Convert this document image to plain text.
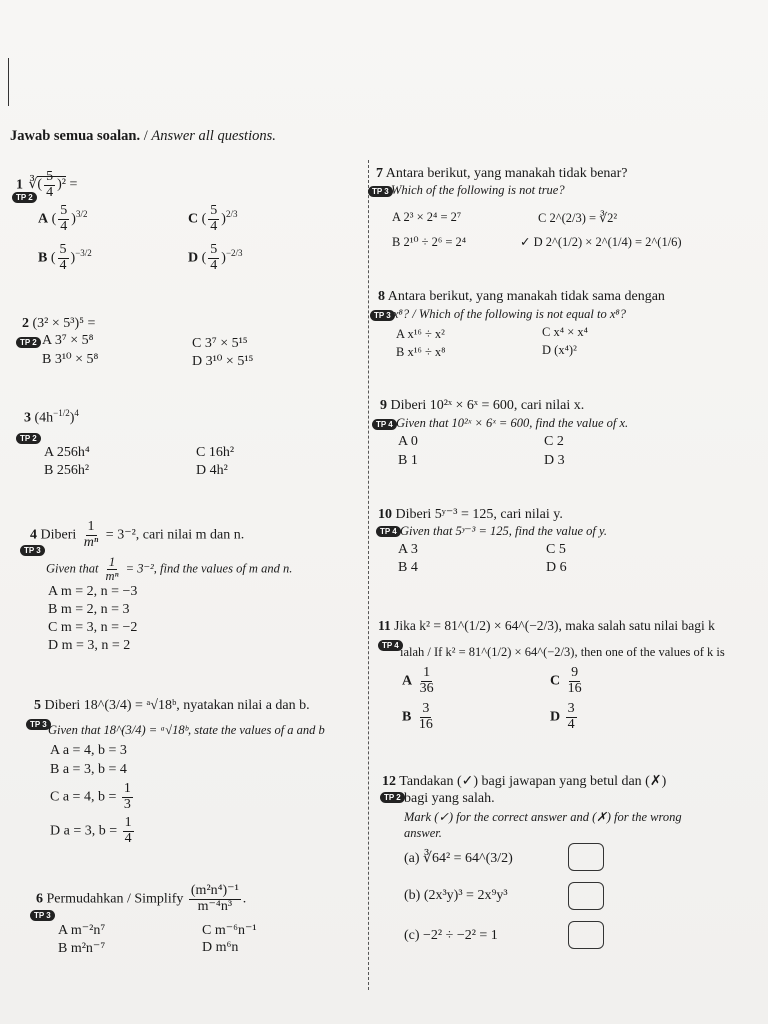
Jawab semua soalan. / Answer all questions.
1 ∛( $\frac{5}{4} )^2$ =
TP 2
A ( $\frac{5}{4} )^{3/2}$	C ( $\frac{5}{4} )^{2/3}$
B ( $\frac{5}{4} )^{-3/2}$	D ( $\frac{5}{4} )^{-2/3}$
2 (3² × 5³)⁵ =
TP 2 A 3⁷ × 5⁸
B 3¹⁰ × 5⁸
C 3⁷ × 5¹⁵
D 3¹⁰ × 5¹⁵
3 $(4h^{-1/2})^4$
TP 2
A 256h⁴
B 256h²
C 16h²
D 4h²
4 Diberi $\frac{1}{\text{mⁿ}} = 3^{-2}$, cari nilai m dan n.
TP 3
Given that $\frac{1}{\text{mⁿ}} = 3^{-2}$, find the values of m and n.
A m = 2, n = −3
B m = 2, n = 3
C m = 3, n = −2
D m = 3, n = 2
5 Diberi 18^(3/4) = ᵃ√18ᵇ, nyatakan nilai a dan b.
TP 3 Given that 18^(3/4) = ᵃ√18ᵇ, state the values of a and b
A a = 4, b = 3
B a = 3, b = 4
C a = 4, $b = \frac{1}{3}$
D a = 3, $b = \frac{1}{4}$
6 Permudahkan / Simplify $\frac{\text{(m²n⁴)⁻¹}}{\text{m⁻⁴n³}}$ .
TP 3
A m⁻²n⁷
B m²n⁻⁷
C m⁻⁶n⁻¹
D m⁶n
7 Antara berikut, yang manakah tidak benar?
TP 3 Which of the following is not true?
A 2³ × 2⁴ = 2⁷
B 2¹⁰ ÷ 2⁶ = 2⁴
C 2^(2/3) = ∛2²
✓ D 2^(1/2) × 2^(1/4) = 2^(1/6)
8 Antara berikut, yang manakah tidak sama dengan
TP 3 x⁸? / Which of the following is not equal to x⁸?
A x¹⁶ ÷ x²
B x¹⁶ ÷ x⁸
C x⁴ × x⁴
D (x⁴)²
9 Diberi 10²ˣ × 6ˣ = 600, cari nilai x.
TP 4 Given that 10²ˣ × 6ˣ = 600, find the value of x.
A 0
B 1
C 2
D 3
10 Diberi 5ʸ⁻³ = 125, cari nilai y.
TP 4 Given that 5ʸ⁻³ = 125, find the value of y.
A 3
B 4
C 5
D 6
11 Jika k² = 81^(1/2) × 64^(−2/3), maka salah satu nilai bagi k
TP 4 ialah / If k² = 81^(1/2) × 64^(−2/3), then one of the values of k is
A $\frac{1}{36}$	C $\frac{9}{16}$
B $\frac{3}{16}$	D $\frac{3}{4}$
12 Tandakan (✓) bagi jawapan yang betul dan (✗)
TP 2 bagi yang salah.
Mark (✓) for the correct answer and (✗) for the wrong
answer.
(a) ∛64² = 64^(3/2)
(b) (2x³y)³ = 2x⁹y³
(c) −2² ÷ −2² = 1
